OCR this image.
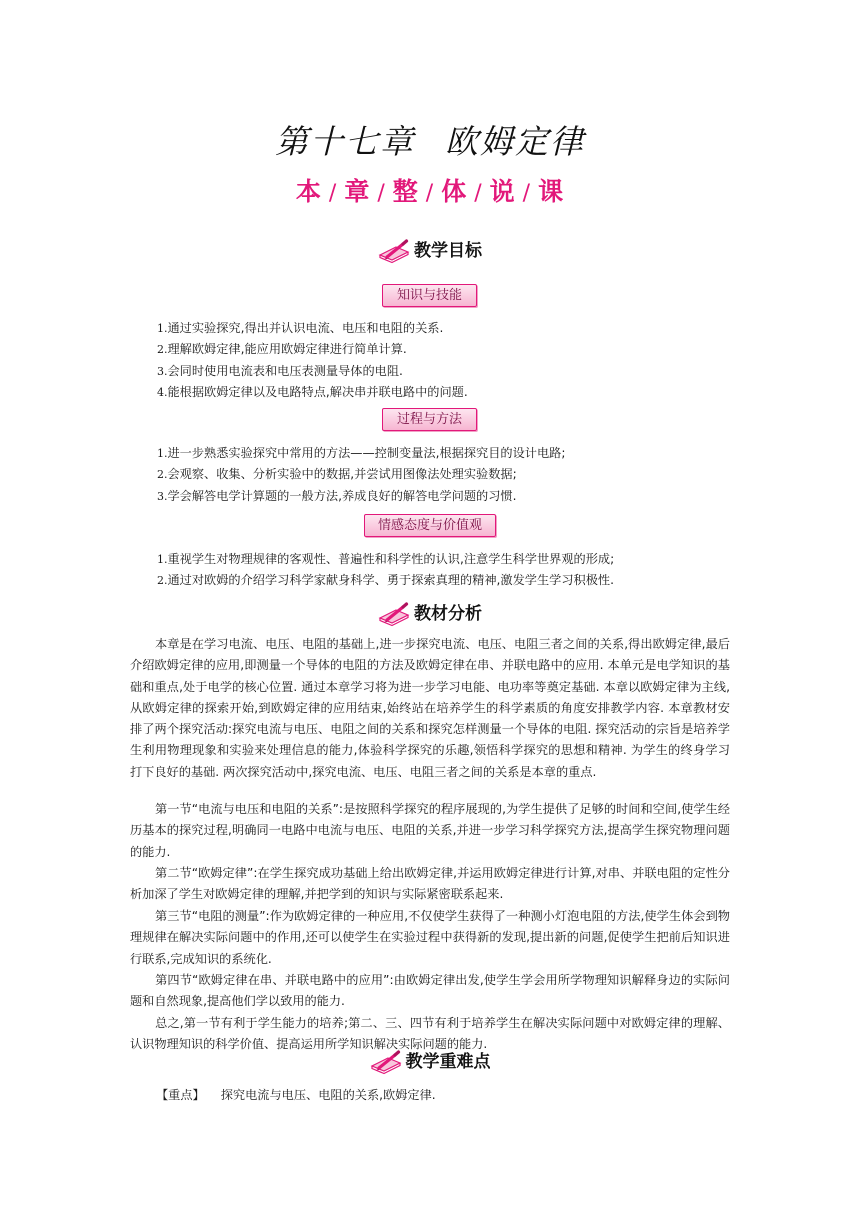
第十七章 欧姆定律
本 / 章 / 整 / 体 / 说 / 课
教学目标
知识与技能
1.通过实验探究,得出并认识电流、电压和电阻的关系.
2.理解欧姆定律,能应用欧姆定律进行简单计算.
3.会同时使用电流表和电压表测量导体的电阻.
4.能根据欧姆定律以及电路特点,解决串并联电路中的问题.
过程与方法
1.进一步熟悉实验探究中常用的方法——控制变量法,根据探究目的设计电路;
2.会观察、收集、分析实验中的数据,并尝试用图像法处理实验数据;
3.学会解答电学计算题的一般方法,养成良好的解答电学问题的习惯.
情感态度与价值观
1.重视学生对物理规律的客观性、普遍性和科学性的认识,注意学生科学世界观的形成;
2.通过对欧姆的介绍学习科学家献身科学、勇于探索真理的精神,激发学生学习积极性.
教材分析

本章是在学习电流、电压、电阻的基础上,进一步探究电流、电压、电阻三者之间的关系,得出欧姆定律,最后介绍欧姆定律的应用,即测量一个导体的电阻的方法及欧姆定律在串、并联电路中的应用. 本单元是电学知识的基础和重点,处于电学的核心位置. 通过本章学习将为进一步学习电能、电功率等奠定基础. 本章以欧姆定律为主线,从欧姆定律的探索开始,到欧姆定律的应用结束,始终站在培养学生的科学素质的角度安排教学内容. 本章教材安排了两个探究活动:探究电流与电压、电阻之间的关系和探究怎样测量一个导体的电阻. 探究活动的宗旨是培养学生利用物理现象和实验来处理信息的能力,体验科学探究的乐趣,领悟科学探究的思想和精神. 为学生的终身学习打下良好的基础. 两次探究活动中,探究电流、电压、电阻三者之间的关系是本章的重点.

第一节“电流与电压和电阻的关系”:是按照科学探究的程序展现的,为学生提供了足够的时间和空间,使学生经历基本的探究过程,明确同一电路中电流与电压、电阻的关系,并进一步学习科学探究方法,提高学生探究物理问题的能力.

第二节“欧姆定律”:在学生探究成功基础上给出欧姆定律,并运用欧姆定律进行计算,对串、并联电阻的定性分析加深了学生对欧姆定律的理解,并把学到的知识与实际紧密联系起来.

第三节“电阻的测量”:作为欧姆定律的一种应用,不仅使学生获得了一种测小灯泡电阻的方法,使学生体会到物理规律在解决实际问题中的作用,还可以使学生在实验过程中获得新的发现,提出新的问题,促使学生把前后知识进行联系,完成知识的系统化.

第四节“欧姆定律在串、并联电路中的应用”:由欧姆定律出发,使学生学会用所学物理知识解释身边的实际问题和自然现象,提高他们学以致用的能力.

总之,第一节有利于学生能力的培养;第二、三、四节有利于培养学生在解决实际问题中对欧姆定律的理解、认识物理知识的科学价值、提高运用所学知识解决实际问题的能力.

教学重难点
【重点】 探究电流与电压、电阻的关系,欧姆定律.
